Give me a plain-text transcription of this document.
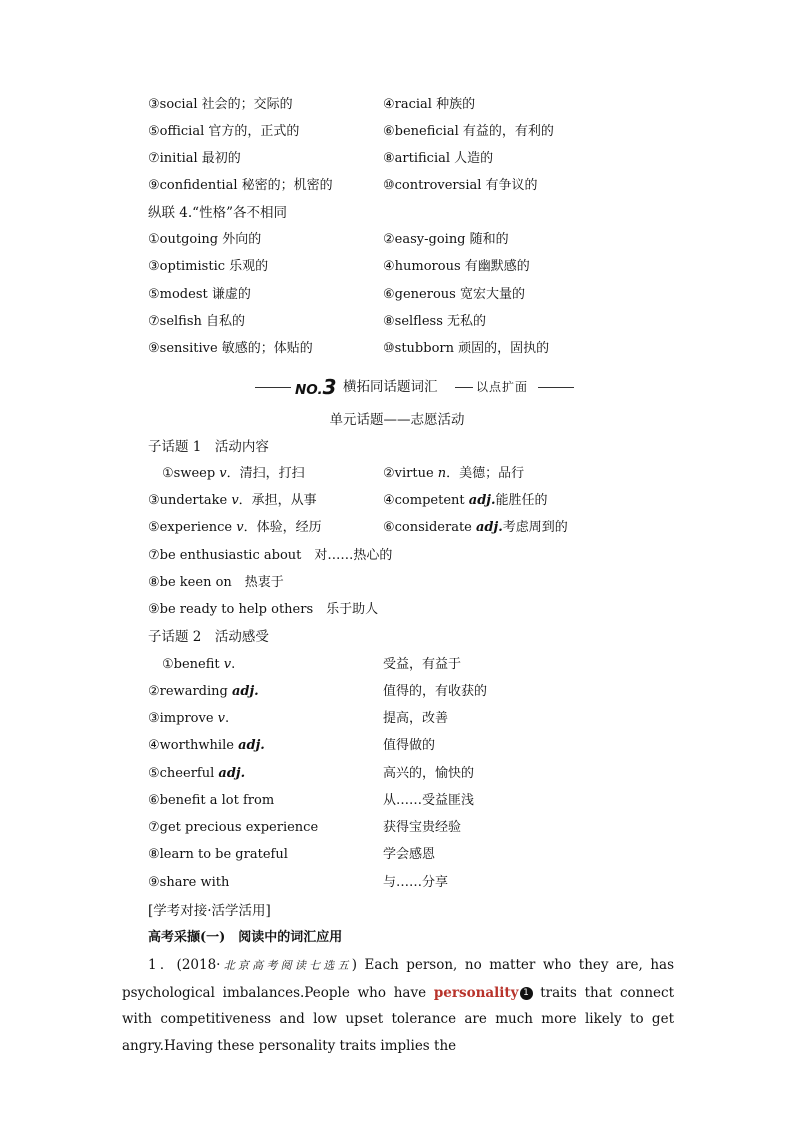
③social 社会的；交际的	④racial 种族的
⑤official 官方的，正式的	⑥beneficial 有益的，有利的
⑦initial 最初的	⑧artificial 人造的
⑨confidential 秘密的；机密的	⑩controversial 有争议的
纵联 4.“性格”各不相同
①outgoing 外向的	②easy-going 随和的
③optimistic 乐观的	④humorous 有幽默感的
⑤modest 谦虚的	⑥generous 宽宏大量的
⑦selfish 自私的	⑧selfless 无私的
⑨sensitive 敏感的；体贴的	⑩stubborn 顽固的，固执的
NO.3 横拓同话题词汇	以点扩面
单元话题——志愿活动
子话题 1　活动内容
①sweep v．清扫，打扫	②virtue n．美德；品行
③undertake v．承担，从事	④competent adj.能胜任的
⑤experience v．体验，经历	⑥considerate adj.考虑周到的
⑦be enthusiastic about　对……热心的
⑧be keen on　热衷于
⑨be ready to help others　乐于助人
子话题 2　活动感受
①benefit v.	受益，有益于
②rewarding adj.	值得的，有收获的
③improve v.	提高，改善
④worthwhile adj.	值得做的
⑤cheerful adj.	高兴的，愉快的
⑥benefit a lot from	从……受益匪浅
⑦get precious experience	获得宝贵经验
⑧learn to be grateful	学会感恩
⑨share with	与……分享
[学考对接·活学活用]
高考采撷(一)　阅读中的词汇应用
1．(2018·北京高考阅读七选五) Each person, no matter who they are, has psychological imbalances.People who have personality 1 traits that connect with competitiveness and low upset tolerance are much more likely to get angry.Having these personality traits implies the
